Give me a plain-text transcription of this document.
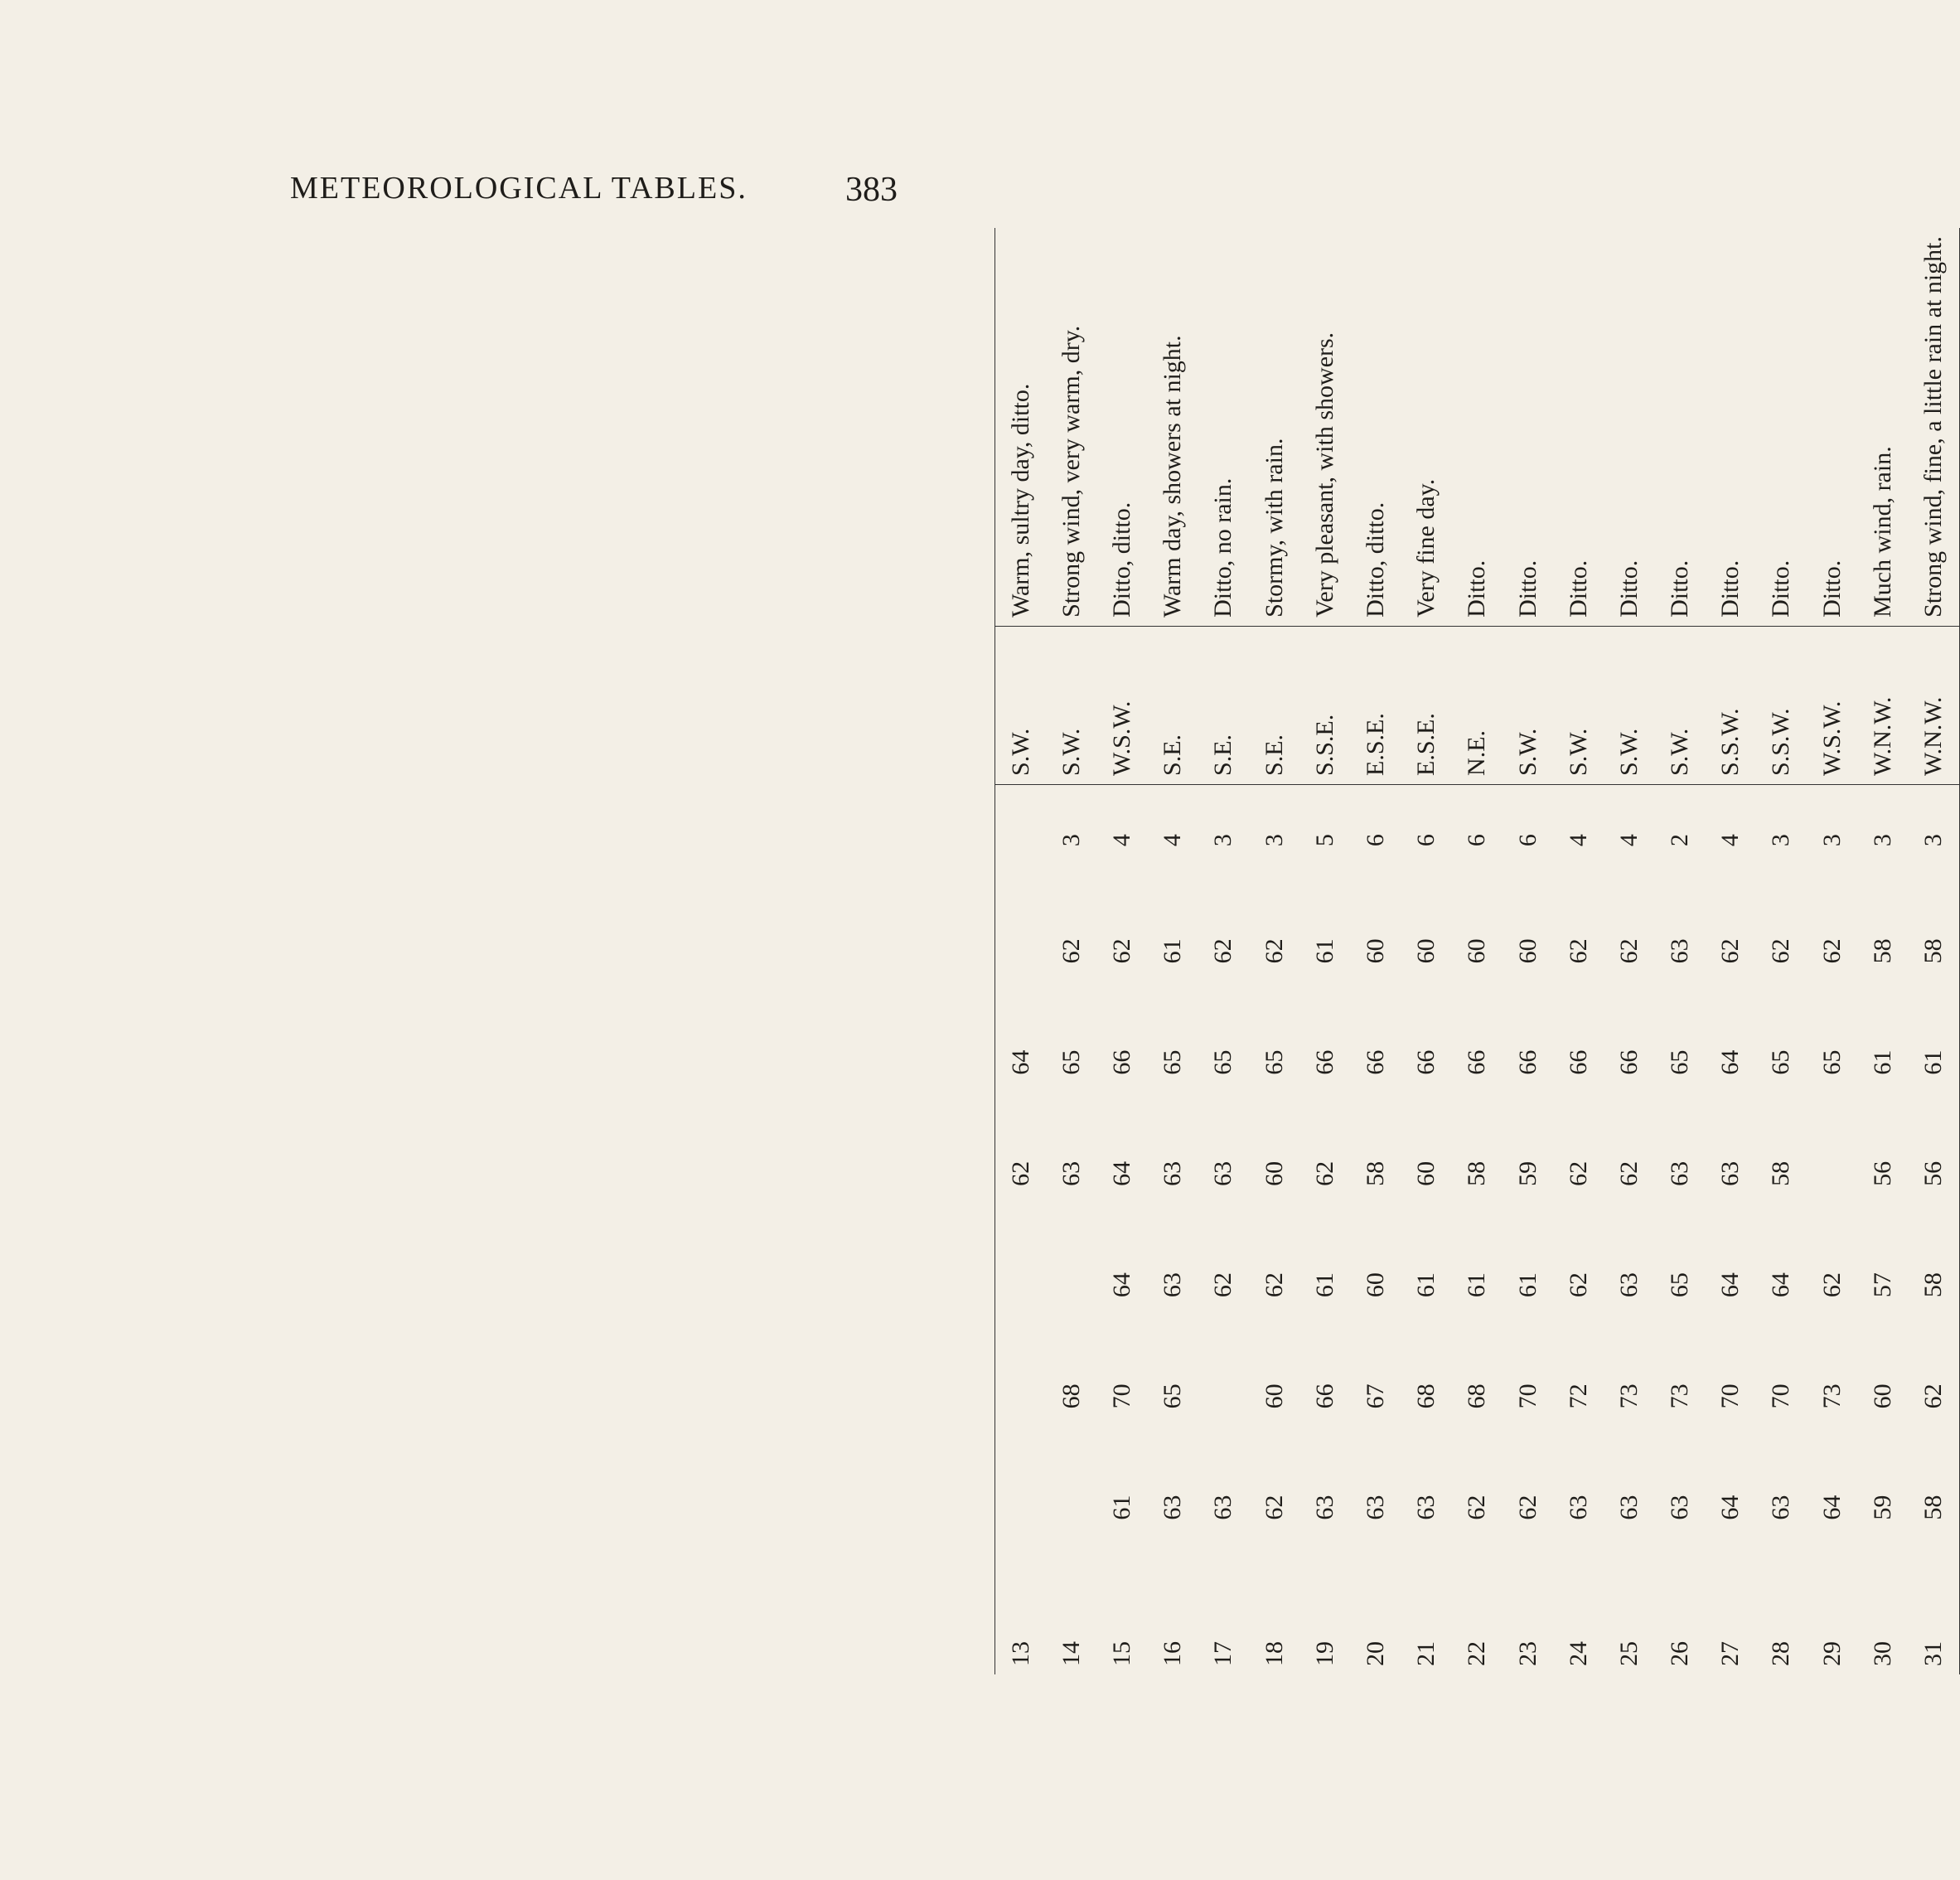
METEOROLOGICAL TABLES.	383
13				62	64			S.W.	Warm, sultry day, ditto.
14		68		63	65	62	3	S.W.	Strong wind, very warm, dry.
15	61	70	64	64	66	62	4	W.S.W.	Ditto, ditto.
16	63	65	63	63	65	61	4	S.E.	Warm day, showers at night.
17	63		62	63	65	62	3	S.E.	Ditto, no rain.
18	62	60	62	60	65	62	3	S.E.	Stormy, with rain.
19	63	66	61	62	66	61	5	S.S.E.	Very pleasant, with showers.
20	63	67	60	58	66	60	6	E.S.E.	Ditto, ditto.
21	63	68	61	60	66	60	6	E.S.E.	Very fine day.
22	62	68	61	58	66	60	6	N.E.	Ditto.
23	62	70	61	59	66	60	6	S.W.	Ditto.
24	63	72	62	62	66	62	4	S.W.	Ditto.
25	63	73	63	62	66	62	4	S.W.	Ditto.
26	63	73	65	63	65	63	2	S.W.	Ditto.
27	64	70	64	63	64	62	4	S.S.W.	Ditto.
28	63	70	64	58	65	62	3	S.S.W.	Ditto.
29	64	73	62		65	62	3	W.S.W.	Ditto.
30	59	60	57	56	61	58	3	W.N.W.	Much wind, rain.
31	58	62	58	56	61	58	3	W.N.W.	Strong wind, fine, a little rain at night.
